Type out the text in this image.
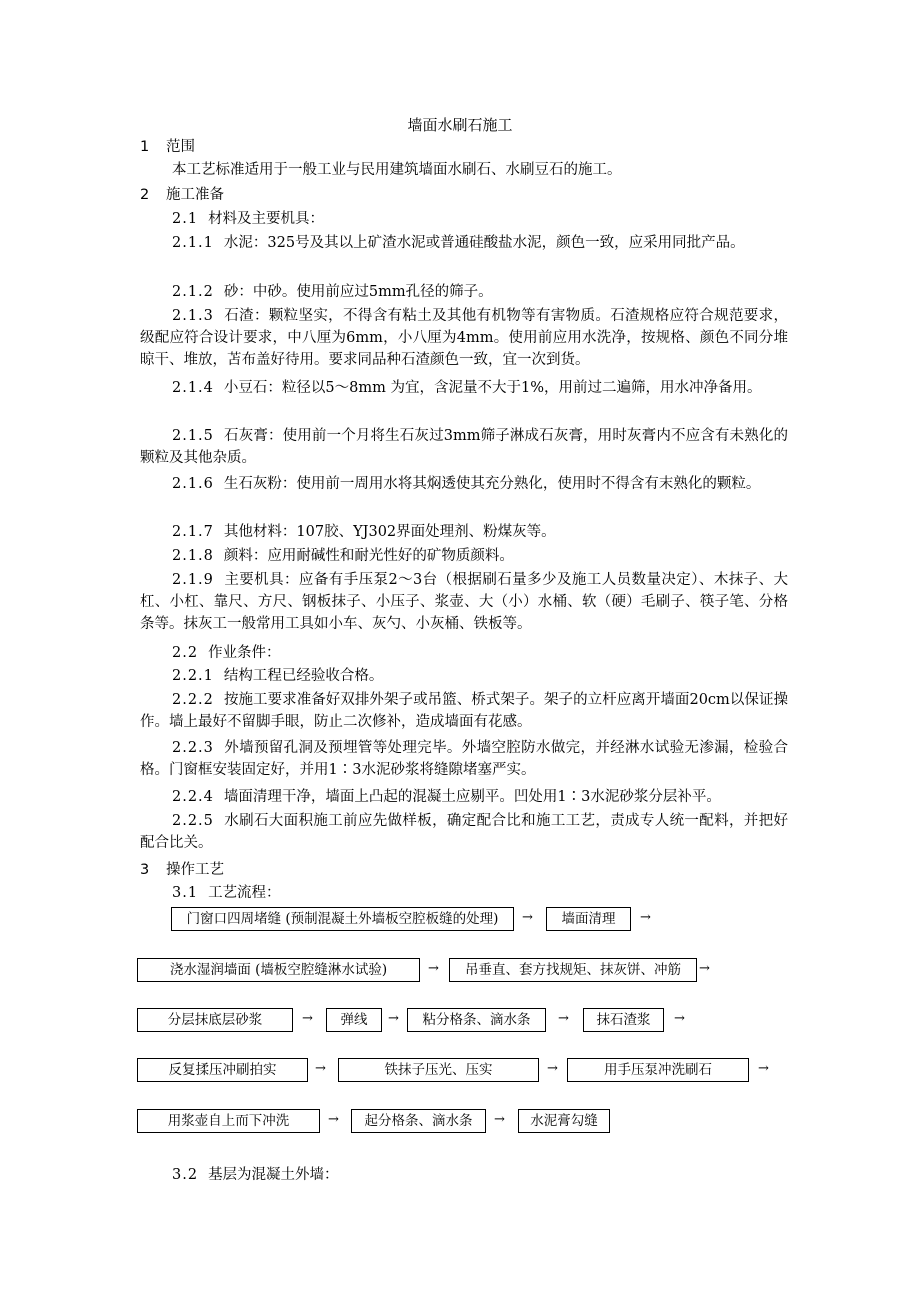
墙面水刷石施工
1 范围
本工艺标准适用于一般工业与民用建筑墙面水刷石、水刷豆石的施工。
2 施工准备
2.1 材料及主要机具：
2.1.1 水泥：325号及其以上矿渣水泥或普通硅酸盐水泥，颜色一致，应采用同批产品。
2.1.2 砂：中砂。使用前应过5mm孔径的筛子。
2.1.3 石渣：颗粒坚实，不得含有粘土及其他有机物等有害物质。石渣规格应符合规范要求，级配应符合设计要求，中八厘为6mm，小八厘为4mm。使用前应用水洗净，按规格、颜色不同分堆晾干、堆放，苫布盖好待用。要求同品种石渣颜色一致，宜一次到货。
2.1.4 小豆石：粒径以5～8mm 为宜，含泥量不大于1%，用前过二遍筛，用水冲净备用。
2.1.5 石灰膏：使用前一个月将生石灰过3mm筛子淋成石灰膏，用时灰膏内不应含有未熟化的颗粒及其他杂质。
2.1.6 生石灰粉：使用前一周用水将其焖透使其充分熟化，使用时不得含有末熟化的颗粒。
2.1.7 其他材料：107胶、YJ302界面处理剂、粉煤灰等。
2.1.8 颜料：应用耐碱性和耐光性好的矿物质颜料。
2.1.9 主要机具：应备有手压泵2～3台（根据刷石量多少及施工人员数量决定）、木抹子、大杠、小杠、靠尺、方尺、钢板抹子、小压子、浆壶、大（小）水桶、软（硬）毛刷子、筷子笔、分格条等。抹灰工一般常用工具如小车、灰勺、小灰桶、铁板等。
2.2 作业条件：
2.2.1 结构工程已经验收合格。
2.2.2 按施工要求准备好双排外架子或吊篮、桥式架子。架子的立杆应离开墙面20cm以保证操作。墙上最好不留脚手眼，防止二次修补，造成墙面有花感。
2.2.3 外墙预留孔洞及预埋管等处理完毕。外墙空腔防水做完，并经淋水试验无渗漏，检验合格。门窗框安装固定好，并用1∶3水泥砂浆将缝隙堵塞严实。
2.2.4 墙面清理干净，墙面上凸起的混凝土应剔平。凹处用1∶3水泥砂浆分层补平。
2.2.5 水刷石大面积施工前应先做样板，确定配合比和施工工艺，责成专人统一配料，并把好配合比关。
3 操作工艺
3.1 工艺流程：
门窗口四周堵缝 (预制混凝土外墙板空腔板缝的处理)	→	墙面清理	→
浇水湿润墙面 (墙板空腔缝淋水试验)	→	吊垂直、套方找规矩、抹灰饼、冲筋	→
分层抹底层砂浆	→	弹线	→	粘分格条、滴水条	→	抹石渣浆	→
反复揉压冲刷拍实	→	铁抹子压光、压实	→	用手压泵冲洗刷石	→
用浆壶自上而下冲洗	→	起分格条、滴水条	→	水泥膏勾缝
3.2 基层为混凝土外墙：
